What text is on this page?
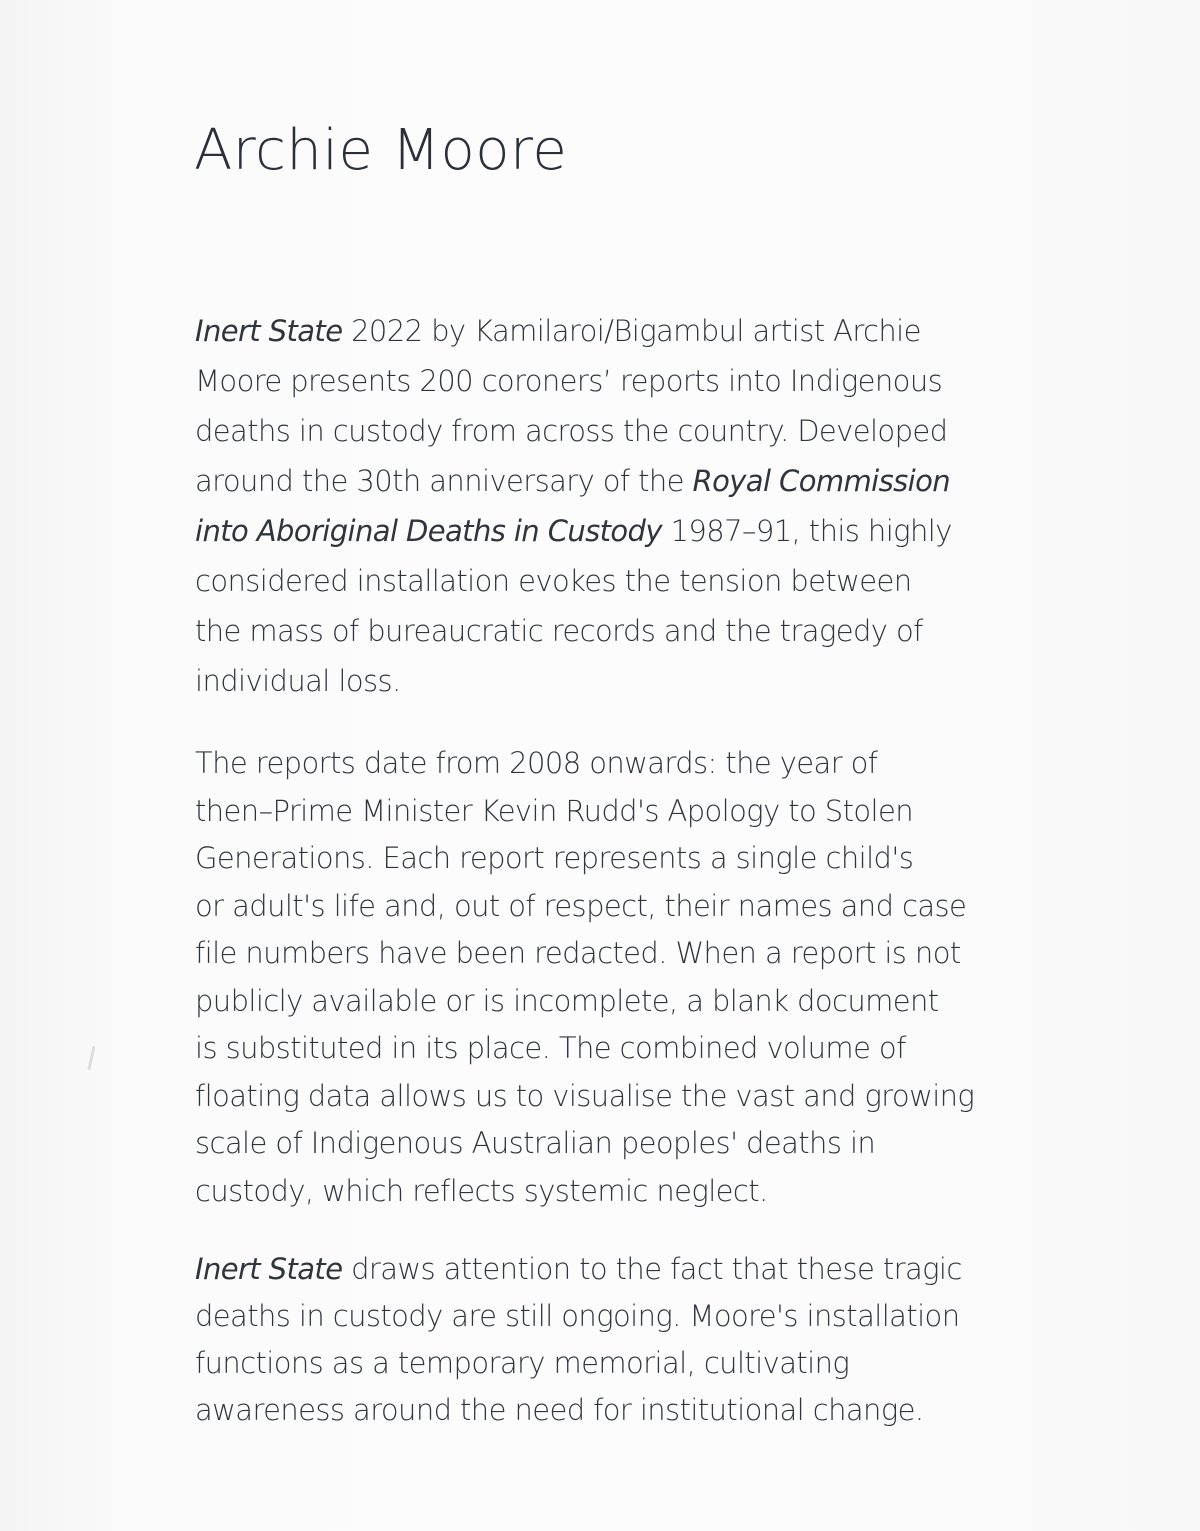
Archie Moore
Inert State 2022 by Kamilaroi/Bigambul artist Archie
Moore presents 200 coroners’ reports into Indigenous
deaths in custody from across the country. Developed
around the 30th anniversary of the Royal Commission
into Aboriginal Deaths in Custody 1987–91, this highly
considered installation evokes the tension between
the mass of bureaucratic records and the tragedy of
individual loss.
The reports date from 2008 onwards: the year of
then–Prime Minister Kevin Rudd's Apology to Stolen
Generations. Each report represents a single child's
or adult's life and, out of respect, their names and case
file numbers have been redacted. When a report is not
publicly available or is incomplete, a blank document
is substituted in its place. The combined volume of
floating data allows us to visualise the vast and growing
scale of Indigenous Australian peoples' deaths in
custody, which reflects systemic neglect.
Inert State draws attention to the fact that these tragic
deaths in custody are still ongoing. Moore's installation
functions as a temporary memorial, cultivating
awareness around the need for institutional change.
